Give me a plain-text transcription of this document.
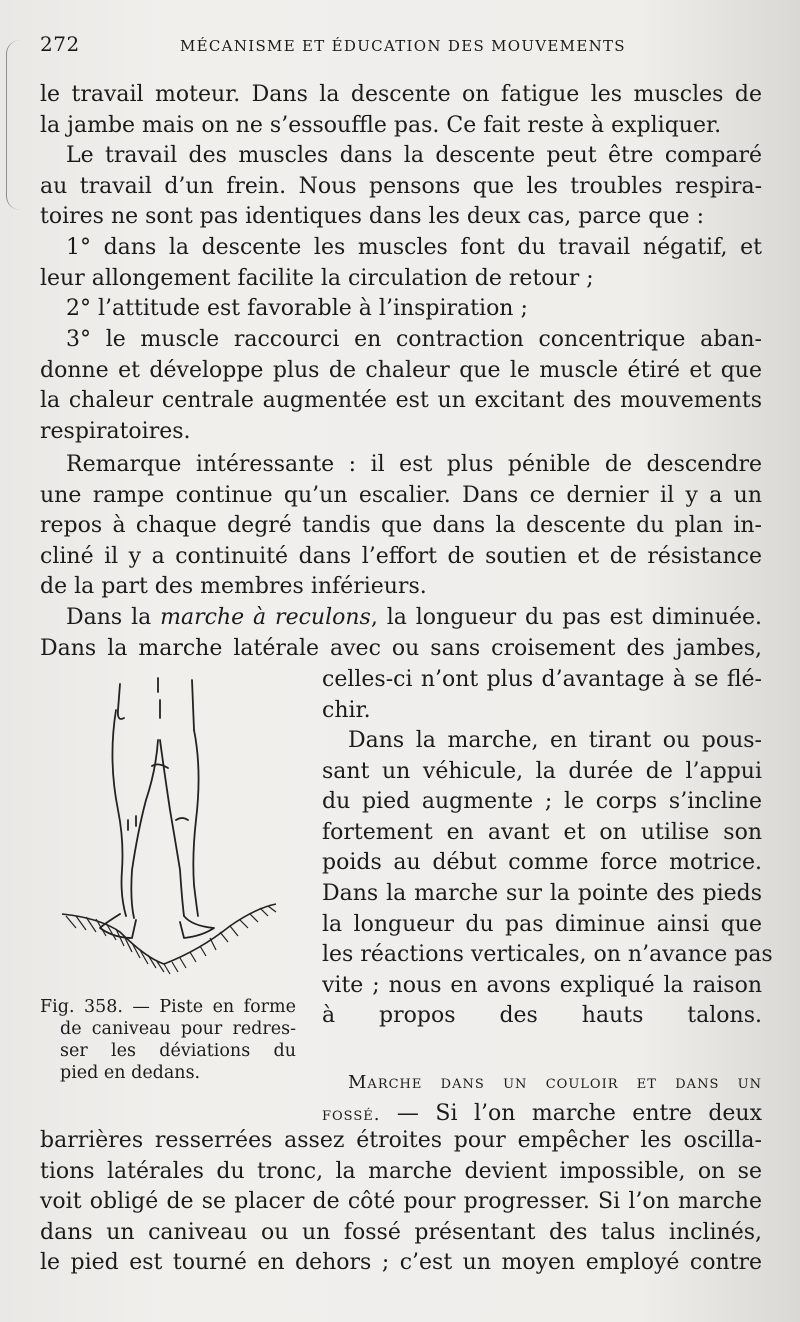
272	MÉCANISME ET ÉDUCATION DES MOUVEMENTS

le travail moteur. Dans la descente on fatigue les muscles de
la jambe mais on ne s’essouffle pas. Ce fait reste à expliquer.

Le travail des muscles dans la descente peut être comparé
au travail d’un frein. Nous pensons que les troubles respira-
toires ne sont pas identiques dans les deux cas, parce que :

1° dans la descente les muscles font du travail négatif, et
leur allongement facilite la circulation de retour ;

2° l’attitude est favorable à l’inspiration ;

3° le muscle raccourci en contraction concentrique aban-
donne et développe plus de chaleur que le muscle étiré et que
la chaleur centrale augmentée est un excitant des mouvements
respiratoires.

Remarque intéressante : il est plus pénible de descendre
une rampe continue qu’un escalier. Dans ce dernier il y a un
repos à chaque degré tandis que dans la descente du plan in-
cliné il y a continuité dans l’effort de soutien et de résistance
de la part des membres inférieurs.

Dans la marche à reculons, la longueur du pas est diminuée.
Dans la marche latérale avec ou sans croisement des jambes,

celles-ci n’ont plus d’avantage à se flé-
chir.

Dans la marche, en tirant ou pous-
sant un véhicule, la durée de l’appui
du pied augmente ; le corps s’incline
fortement en avant et on utilise son
poids au début comme force motrice.
Dans la marche sur la pointe des pieds
la longueur du pas diminue ainsi que
les réactions verticales, on n’avance pas
vite ; nous en avons expliqué la raison
à propos des hauts talons.

Fig. 358. — Piste en forme
de caniveau pour redres-
ser les déviations du
pied en dedans.	Marche dans un couloir et dans un
fossé. — Si l’on marche entre deux

barrières resserrées assez étroites pour empêcher les oscilla-
tions latérales du tronc, la marche devient impossible, on se
voit obligé de se placer de côté pour progresser. Si l’on marche
dans un caniveau ou un fossé présentant des talus inclinés,
le pied est tourné en dehors ; c’est un moyen employé contre
